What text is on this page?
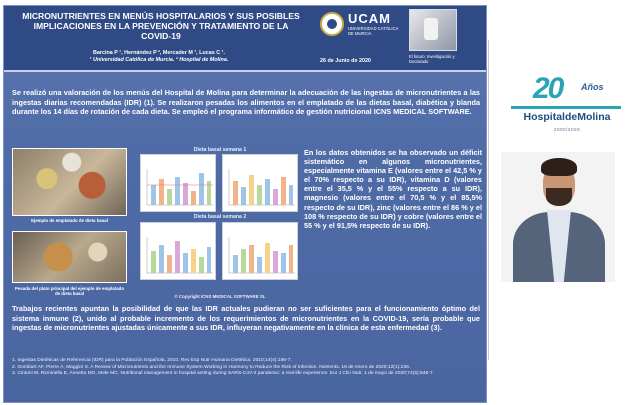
MICRONUTRIENTES EN MENÚS HOSPITALARIOS Y SUS POSIBLES IMPLICACIONES EN LA PREVENCIÓN Y TRATAMIENTO DE LA COVID-19
Barcina P ¹, Hernández P ², Mercader M ¹, Lucas C ¹.
¹ Universidad Católica de Murcia. ² Hospital de Molina.
UCAM
UNIVERSIDAD CATÓLICA DE MURCIA
26 de Junio de 2020
El futuro: Investigación y Doctorado
Se realizó una valoración de los menús del Hospital de Molina para determinar la adecuación de las ingestas de micronutrientes a las ingestas diarias recomendadas (IDR) (1). Se realizaron pesadas los alimentos en el emplatado de las dietas basal, diabética y blanda durante los 14 días de rotación de cada dieta. Se empleó el programa informático de gestión nutricional ICNS MEDICAL SOFTWARE.
Ejemplo de emplatado de dieta basal
Pesada del plato principal del ejemplo de emplatado de dieta basal
Dieta basal semana 1
Dieta basal semana 2
© Copyright ICNS MEDICAL SOFTWARE SL
En los datos obtenidos se ha observado un déficit sistemático en algunos micronutrientes, especialmente vitamina E (valores entre el 42,5 % y el 70% respecto a su IDR), vitamina D (valores entre el 35,5 % y el 55% respecto a su IDR), magnesio (valores entre el 70,5 % y el 85,5% respecto de su IDR), zinc (valores entre el 86 % y el 108 % respecto de su IDR) y cobre (valores entre el 55 % y el 91,5% respecto de su IDR).
Trabajos recientes apuntan la posibilidad de que las IDR actuales pudieran no ser suficientes para el funcionamiento óptimo del sistema inmune (2), unido al probable incremento de los requerimientos de micronutrientes en la COVID-19, sería probable que ingestas de micronutrientes ajustadas únicamente a sus IDR, influyeran negativamente en la clínica de esta enfermedad (3).
1. Ingestas Dietéticas de Referencia (IDR) para la Población Española, 2010. Rev Esp Nutr Humana Dietética. 2010;14(4):196-7.
2. Gombart AF, Pierre A, Maggini S. A Review of Micronutrients and the Immune System-Working in Harmony to Reduce the Risk of Infection. Nutrients. 16 de enero de 2020;12(1):236.
3. Cintoni M, Rinninella E, Annetta MG, Mele MC. Nutritional management in hospital setting during SARS-CoV-2 pandemic: a real-life experience. Eur J Clin Nutr. 1 de mayo de 2020;74(5):846-7.
20 Años
HospitaldeMolina
2000/2020
